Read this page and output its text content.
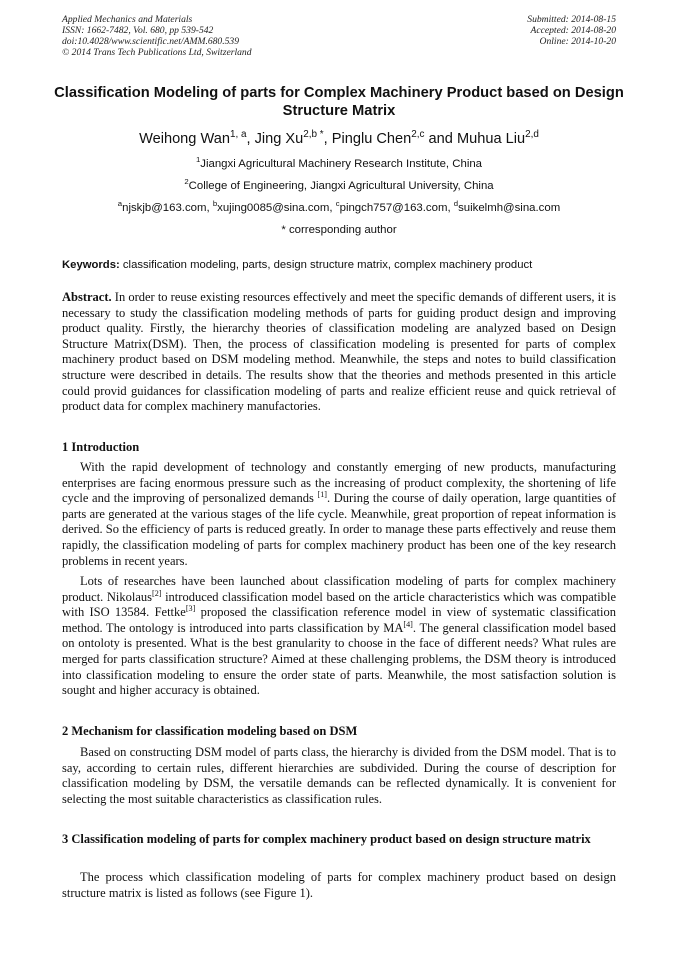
Applied Mechanics and Materials
ISSN: 1662-7482, Vol. 680, pp 539-542
doi:10.4028/www.scientific.net/AMM.680.539
© 2014 Trans Tech Publications Ltd, Switzerland
Submitted: 2014-08-15
Accepted: 2014-08-20
Online: 2014-10-20
Classification Modeling of parts for Complex Machinery Product based on Design Structure Matrix
Weihong Wan$^{1, a}$, Jing $Xu^{2,b *}$, Pinglu Chen$^{2,c}$ and Muhua Liu$^{2,d}$
$^1$Jiangxi Agricultural Machinery Research Institute, China
$^2$College of Engineering, Jiangxi Agricultural University, China
$^a$njskjb@163.com, $^b$xujing0085@sina.com, $^c$pingch757@163.com, $^d$suikelmh@sina.com
* corresponding author
Keywords: classification modeling, parts, design structure matrix, complex machinery product

Abstract. In order to reuse existing resources effectively and meet the specific demands of different users, it is necessary to study the classification modeling methods of parts for guiding product design and improving product quality. Firstly, the hierarchy theories of classification modeling are analyzed based on Design Structure Matrix(DSM). Then, the process of classification modeling is presented for parts of complex machinery product based on DSM modeling method. Meanwhile, the steps and notes to build classification structure were described in details. The results show that the theories and methods presented in this article could provid guidances for classification modeling of parts and realize efficient reuse and quick retrieval of product data for complex machinery manufactories.

1 Introduction

With the rapid development of technology and constantly emerging of new products, manufacturing enterprises are facing enormous pressure such as the increasing of product complexity, the shortening of life cycle and the improving of personalized demands [1]. During the course of daily operation, large quantities of parts are generated at the various stages of the life cycle. Meanwhile, great proportion of repeat information is derived. So the efficiency of parts is reduced greatly. In order to manage these parts effectively and reuse them rapidly, the classification modeling of parts for complex machinery product has been one of the key research problems in recent years.

Lots of researches have been launched about classification modeling of parts for complex machinery product. Nikolaus[2] introduced classification model based on the article characteristics which was compatible with ISO 13584. Fettke[3] proposed the classification reference model in view of systematic classification method. The ontology is introduced into parts classification by MA[4]. The general classification model based on ontoloty is presented. What is the best granularity to choose in the face of different needs? What rules are merged for parts classification structure? Aimed at these challenging problems, the DSM theory is introduced into classification modeling to ensure the order state of parts. Meanwhile, the most satisfaction solution is sought and higher accuracy is obtained.

2 Mechanism for classification modeling based on DSM

Based on constructing DSM model of parts class, the hierarchy is divided from the DSM model. That is to say, according to certain rules, different hierarchies are subdivided. During the course of description for classification modeling by DSM, the versatile demands can be reflected dynamically. It is convenient for selecting the most suitable characteristics as classification rules.

3 Classification modeling of parts for complex machinery product based on design structure matrix

The process which classification modeling of parts for complex machinery product based on design structure matrix is listed as follows (see Figure 1).
